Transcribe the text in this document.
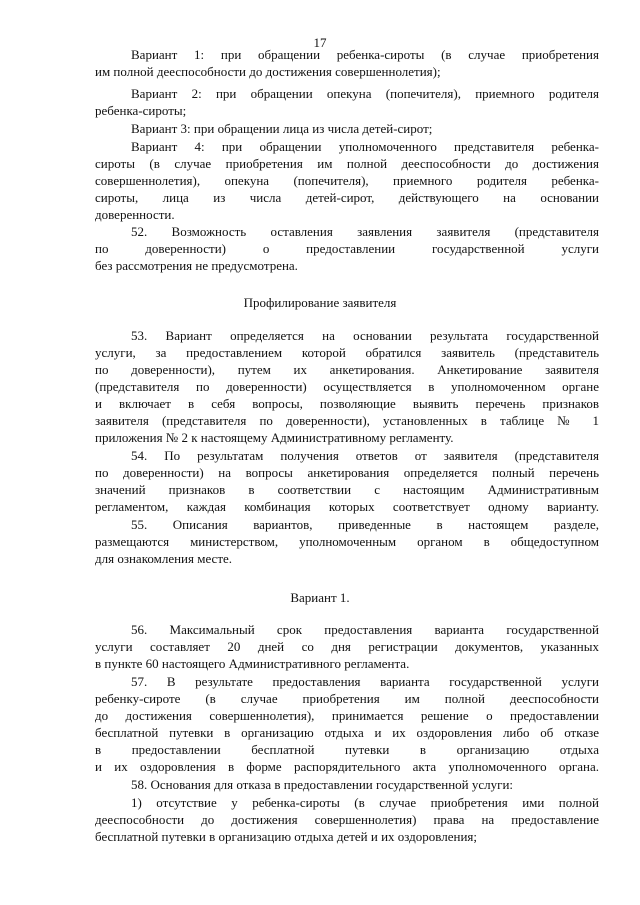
17
Вариант 1: при обращении ребенка-сироты (в случае приобретения
им полной дееспособности до достижения совершеннолетия);
Вариант 2: при обращении опекуна (попечителя), приемного родителя
ребенка-сироты;
Вариант 3: при обращении лица из числа детей-сирот;
Вариант 4: при обращении уполномоченного представителя ребенка-
сироты (в случае приобретения им полной дееспособности до достижения
совершеннолетия), опекуна (попечителя), приемного родителя ребенка-
сироты, лица из числа детей-сирот, действующего на основании
доверенности.
52. Возможность оставления заявления заявителя (представителя
по доверенности) о предоставлении государственной услуги
без рассмотрения не предусмотрена.
Профилирование заявителя
53. Вариант определяется на основании результата государственной
услуги, за предоставлением которой обратился заявитель (представитель
по доверенности), путем их анкетирования. Анкетирование заявителя
(представителя по доверенности) осуществляется в уполномоченном органе
и включает в себя вопросы, позволяющие выявить перечень признаков
заявителя (представителя по доверенности), установленных в таблице № 1
приложения № 2 к настоящему Административному регламенту.
54. По результатам получения ответов от заявителя (представителя
по доверенности) на вопросы анкетирования определяется полный перечень
значений признаков в соответствии с настоящим Административным
регламентом, каждая комбинация которых соответствует одному варианту.
55. Описания вариантов, приведенные в настоящем разделе,
размещаются министерством, уполномоченным органом в общедоступном
для ознакомления месте.
Вариант 1.
56. Максимальный срок предоставления варианта государственной
услуги составляет 20 дней со дня регистрации документов, указанных
в пункте 60 настоящего Административного регламента.
57. В результате предоставления варианта государственной услуги
ребенку-сироте (в случае приобретения им полной дееспособности
до достижения совершеннолетия), принимается решение о предоставлении
бесплатной путевки в организацию отдыха и их оздоровления либо об отказе
в предоставлении бесплатной путевки в организацию отдыха
и их оздоровления в форме распорядительного акта уполномоченного органа.
58. Основания для отказа в предоставлении государственной услуги:
1) отсутствие у ребенка-сироты (в случае приобретения ими полной
дееспособности до достижения совершеннолетия) права на предоставление
бесплатной путевки в организацию отдыха детей и их оздоровления;
